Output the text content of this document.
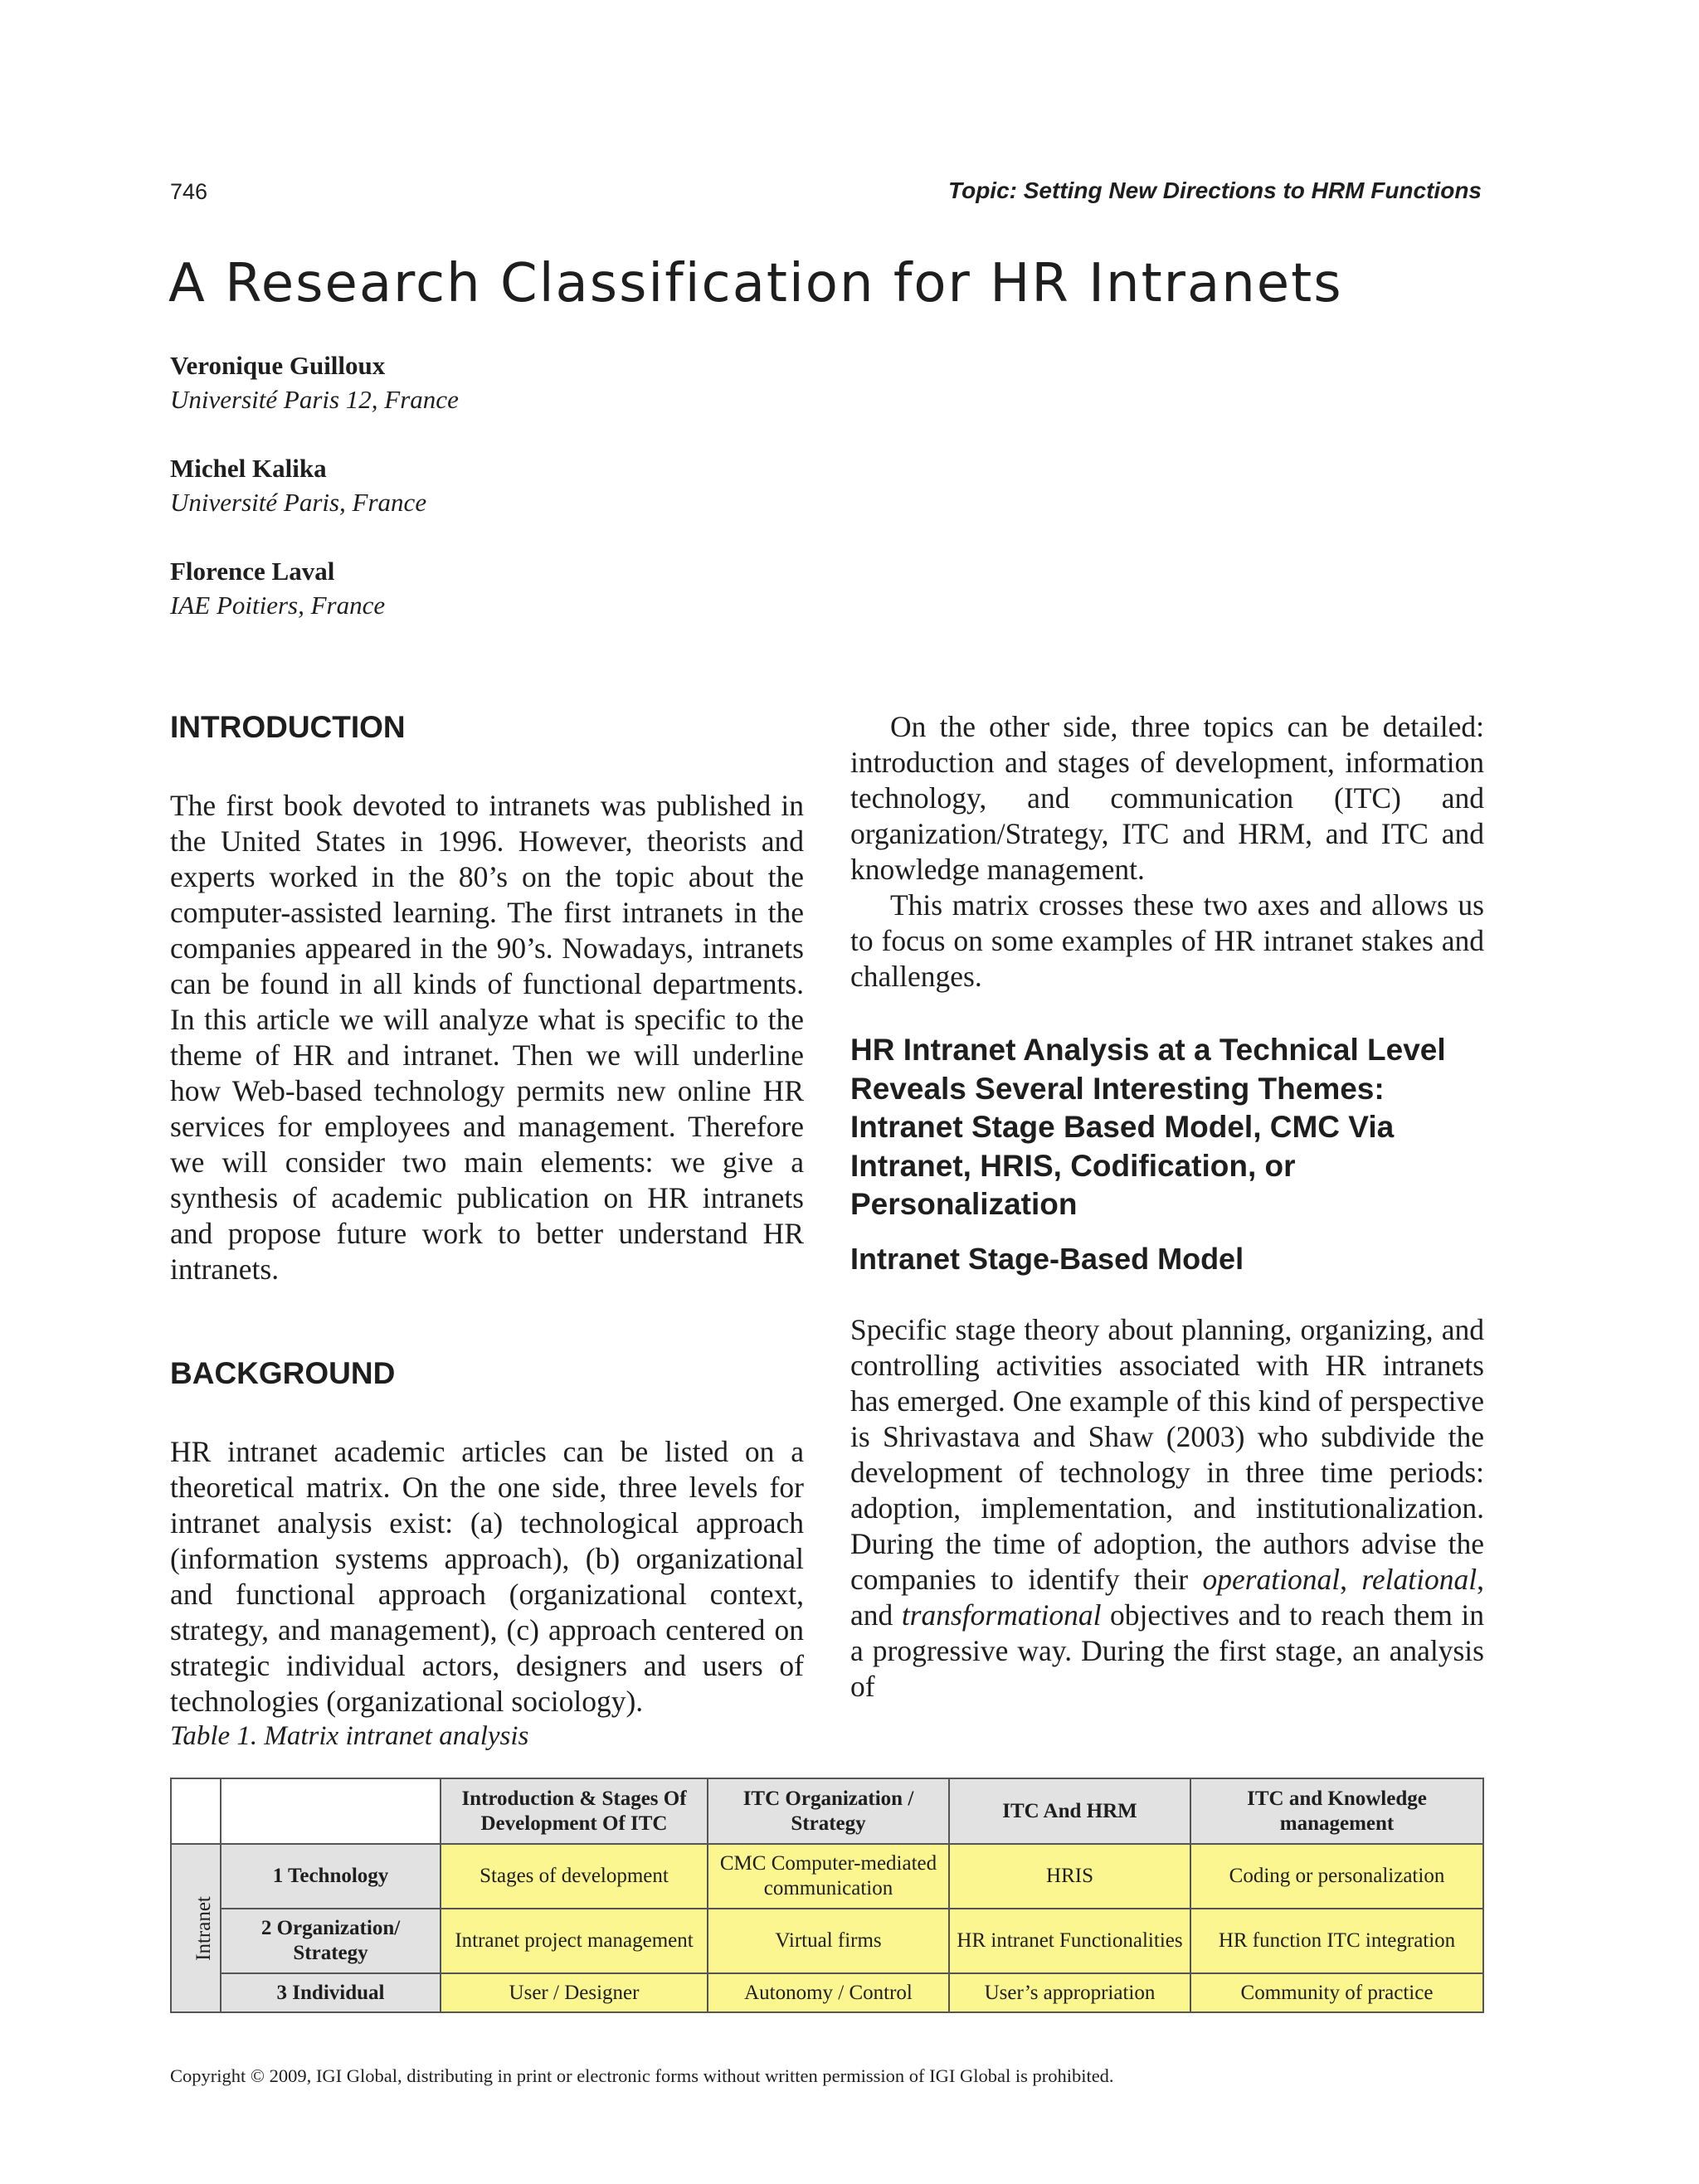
746	Topic: Setting New Directions to HRM Functions
A Research Classification for HR Intranets
Veronique Guilloux
Université Paris 12, France
Michel Kalika
Université Paris, France
Florence Laval
IAE Poitiers, France
INTRODUCTION

The first book devoted to intranets was published in the United States in 1996. However, theorists and experts worked in the 80’s on the topic about the computer-assisted learning. The first intranets in the companies appeared in the 90’s. Nowadays, intranets can be found in all kinds of functional departments. In this article we will analyze what is specific to the theme of HR and intranet. Then we will underline how Web-based technology permits new online HR services for employees and management. Therefore we will consider two main elements: we give a synthesis of academic publication on HR intranets and propose future work to better understand HR intranets.

BACKGROUND

HR intranet academic articles can be listed on a theoretical matrix. On the one side, three levels for intranet analysis exist: (a) technological approach (information systems approach), (b) organizational and functional approach (organizational context, strategy, and management), (c) approach centered on strategic individual actors, designers and users of technologies (organizational sociology).

On the other side, three topics can be detailed: introduction and stages of development, information technology, and communication (ITC) and organization/Strategy, ITC and HRM, and ITC and knowledge management.

This matrix crosses these two axes and allows us to focus on some examples of HR intranet stakes and challenges.

HR Intranet Analysis at a Technical Level Reveals Several Interesting Themes: Intranet Stage Based Model, CMC Via Intranet, HRIS, Codification, or Personalization
Intranet Stage-Based Model

Specific stage theory about planning, organizing, and controlling activities associated with HR intranets has emerged. One example of this kind of perspective is Shrivastava and Shaw (2003) who subdivide the development of technology in three time periods: adoption, implementation, and institutionalization. During the time of adoption, the authors advise the companies to identify their operational, relational, and transformational objectives and to reach them in a progressive way. During the first stage, an analysis of

Table 1. Matrix intranet analysis
		Introduction & Stages Of Development Of ITC	ITC Organization / Strategy	ITC And HRM	ITC and Knowledge management
Intranet	1 Technology	Stages of development	CMC Computer-mediated communication	HRIS	Coding or personalization
	2 Organization/ Strategy	Intranet project management	Virtual firms	HR intranet Functionalities	HR function ITC integration
	3 Individual	User / Designer	Autonomy / Control	User’s appropriation	Community of practice
Copyright © 2009, IGI Global, distributing in print or electronic forms without written permission of IGI Global is prohibited.
